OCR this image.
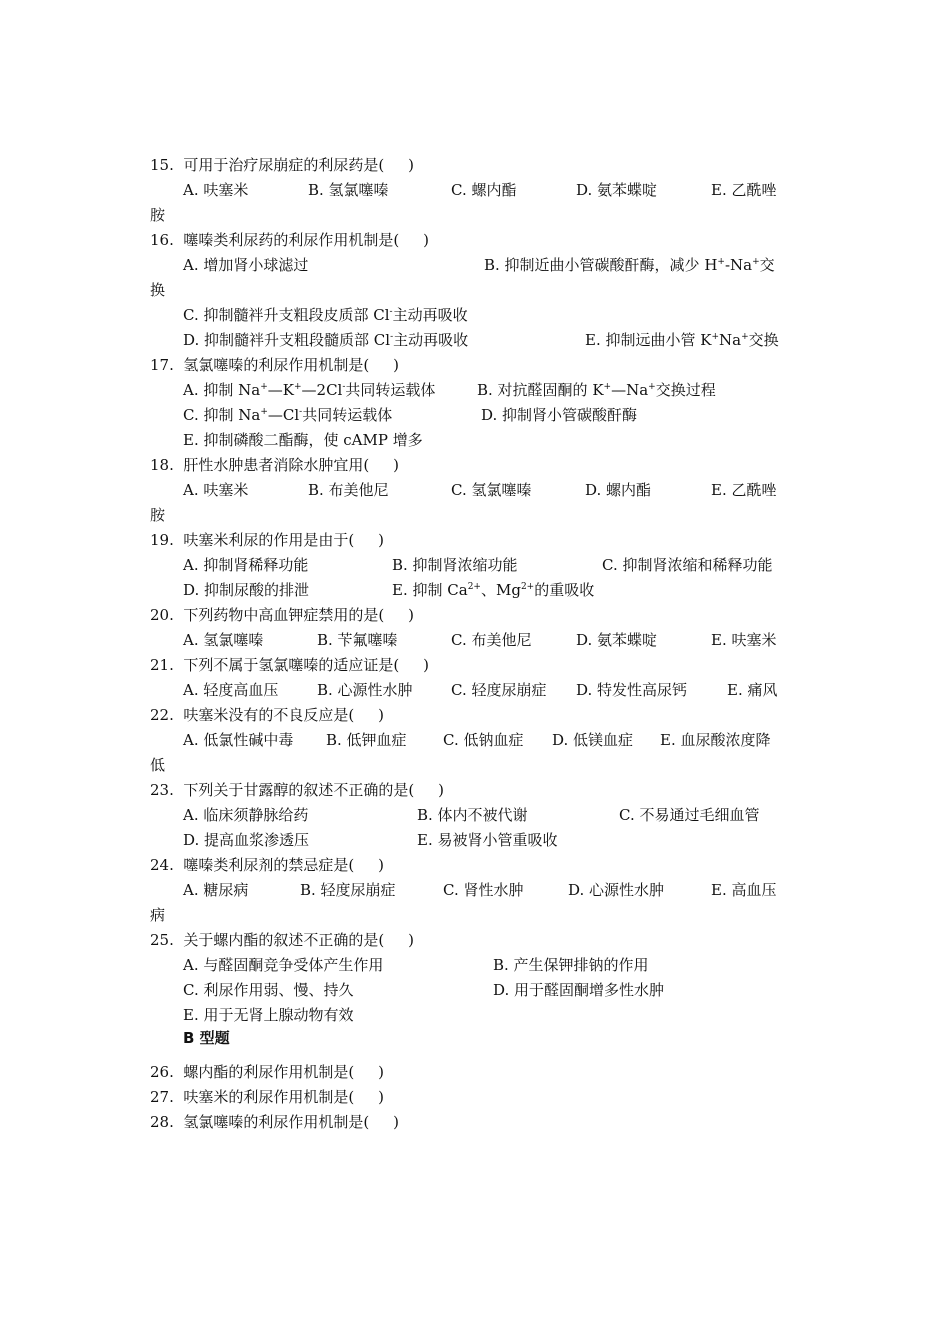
15.  可用于治疗尿崩症的利尿药是(     )
A. 呋塞米	B. 氢氯噻嗪	C. 螺内酯	D. 氨苯蝶啶	E. 乙酰唑
胺
16.  噻嗪类利尿药的利尿作用机制是(     )
A. 增加肾小球滤过	B. 抑制近曲小管碳酸酐酶，减少 H+-Na+交
换
C. 抑制髓袢升支粗段皮质部 Cl-主动再吸收
D. 抑制髓袢升支粗段髓质部 Cl-主动再吸收	E. 抑制远曲小管 K+Na+交换
17.  氢氯噻嗪的利尿作用机制是(     )
A. 抑制 Na+—K+—2Cl-共同转运载体	B. 对抗醛固酮的 K+—Na+交换过程
C. 抑制 Na+—Cl-共同转运载体	D. 抑制肾小管碳酸酐酶
E. 抑制磷酸二酯酶，使 cAMP 增多
18.  肝性水肿患者消除水肿宜用(     )
A. 呋塞米	B. 布美他尼	C. 氢氯噻嗪	D. 螺内酯	E. 乙酰唑
胺
19.  呋塞米利尿的作用是由于(     )
A. 抑制肾稀释功能	B. 抑制肾浓缩功能	C. 抑制肾浓缩和稀释功能
D. 抑制尿酸的排泄	E. 抑制 $Ca^{2+}$、$Mg^{2+}$的重吸收
20.  下列药物中高血钾症禁用的是(     )
A. 氢氯噻嗪	B. 苄氟噻嗪	C. 布美他尼	D. 氨苯蝶啶	E. 呋塞米
21.  下列不属于氢氯噻嗪的适应证是(     )
A. 轻度高血压	B. 心源性水肿	C. 轻度尿崩症 D. 特发性高尿钙	E. 痛风
22.  呋塞米没有的不良反应是(     )
A. 低氯性碱中毒 B. 低钾血症 C. 低钠血症 D. 低镁血症 E. 血尿酸浓度降
低
23.  下列关于甘露醇的叙述不正确的是(     )
A. 临床须静脉给药	B. 体内不被代谢	C. 不易通过毛细血管
D. 提高血浆渗透压	E. 易被肾小管重吸收
24.  噻嗪类利尿剂的禁忌症是(     )
A. 糖尿病	B. 轻度尿崩症	C. 肾性水肿	D. 心源性水肿	E. 高血压
病
25.  关于螺内酯的叙述不正确的是(     )
A. 与醛固酮竞争受体产生作用	B. 产生保钾排钠的作用
C. 利尿作用弱、慢、持久	D. 用于醛固酮增多性水肿
E. 用于无肾上腺动物有效
B 型题
26.  螺内酯的利尿作用机制是(     )
27.  呋塞米的利尿作用机制是(     )
28.  氢氯噻嗪的利尿作用机制是(     )
